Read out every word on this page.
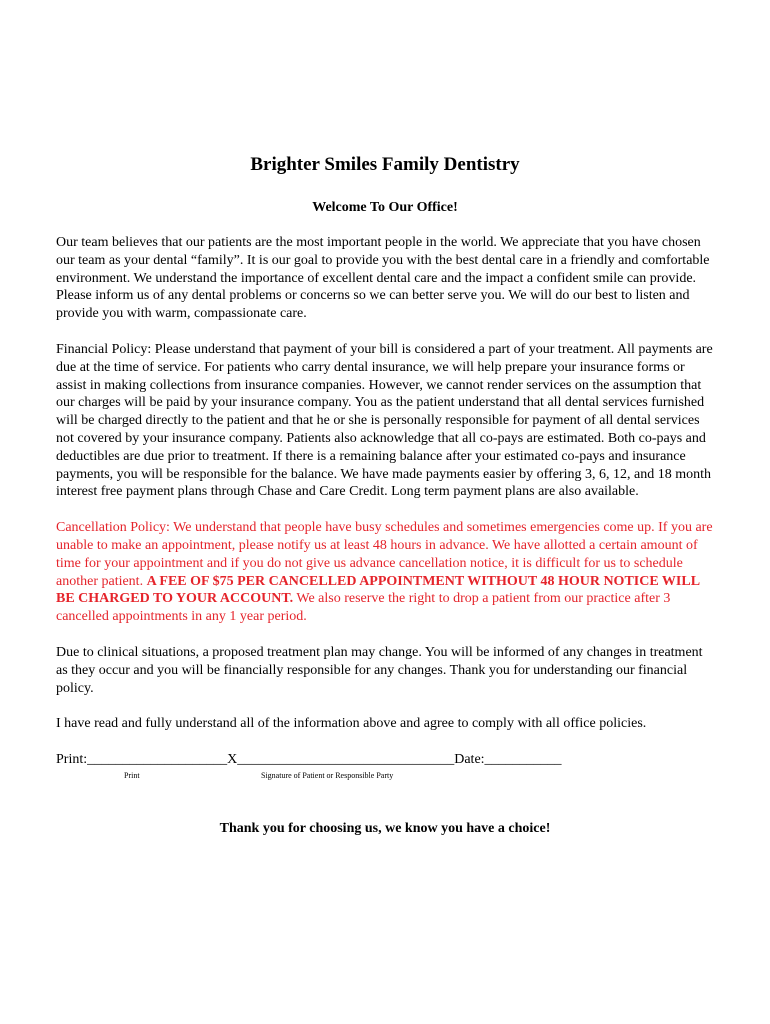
Brighter Smiles Family Dentistry
Welcome To Our Office!

Our team believes that our patients are the most important people in the world. We appreciate that you have chosen our team as your dental “family”. It is our goal to provide you with the best dental care in a friendly and comfortable environment. We understand the importance of excellent dental care and the impact a confident smile can provide. Please inform us of any dental problems or concerns so we can better serve you. We will do our best to listen and provide you with warm, compassionate care.

Financial Policy: Please understand that payment of your bill is considered a part of your treatment. All payments are due at the time of service. For patients who carry dental insurance, we will help prepare your insurance forms or assist in making collections from insurance companies. However, we cannot render services on the assumption that our charges will be paid by your insurance company. You as the patient understand that all dental services furnished will be charged directly to the patient and that he or she is personally responsible for payment of all dental services not covered by your insurance company. Patients also acknowledge that all co-pays are estimated. Both co-pays and deductibles are due prior to treatment. If there is a remaining balance after your estimated co-pays and insurance payments, you will be responsible for the balance. We have made payments easier by offering 3, 6, 12, and 18 month interest free payment plans through Chase and Care Credit. Long term payment plans are also available.

Cancellation Policy: We understand that people have busy schedules and sometimes emergencies come up. If you are unable to make an appointment, please notify us at least 48 hours in advance. We have allotted a certain amount of time for your appointment and if you do not give us advance cancellation notice, it is difficult for us to schedule another patient. A FEE OF $75 PER CANCELLED APPOINTMENT WITHOUT 48 HOUR NOTICE WILL BE CHARGED TO YOUR ACCOUNT. We also reserve the right to drop a patient from our practice after 3 cancelled appointments in any 1 year period.

Due to clinical situations, a proposed treatment plan may change. You will be informed of any changes in treatment as they occur and you will be financially responsible for any changes. Thank you for understanding our financial policy.

I have read and fully understand all of the information above and agree to comply with all office policies.

Print:____________________X_______________________________Date:___________
Print	Signature of Patient or Responsible Party
Thank you for choosing us, we know you have a choice!
